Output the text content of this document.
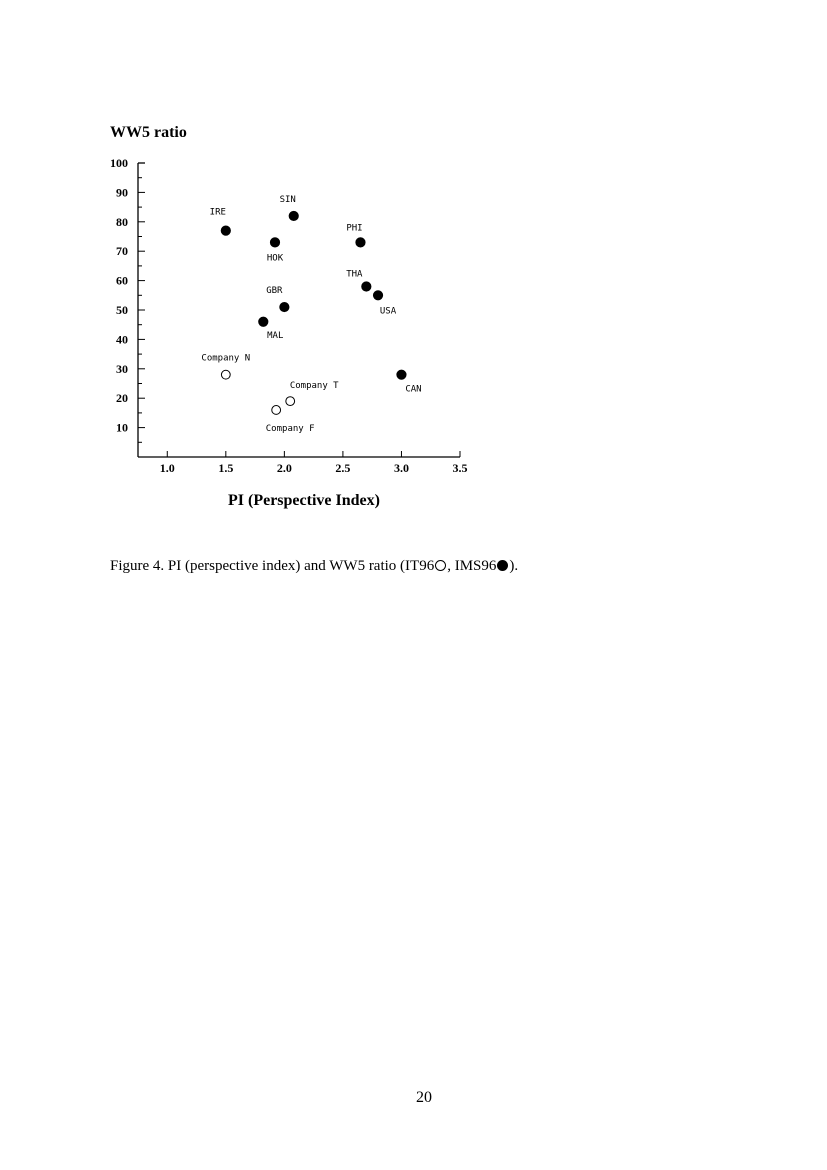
10
20
30
40
50
60
70
80
90
100
1.0	1.5	2.0	2.5	3.0	3.5
IRE
SIN
HOK
PHI
THA
USA
GBR
MAL
CAN
Company N
Company T
Company F
WW5 ratio
PI (Perspective Index)
Figure 4. PI (perspective index) and WW5 ratio (IT96 , IMS96 ).
20
